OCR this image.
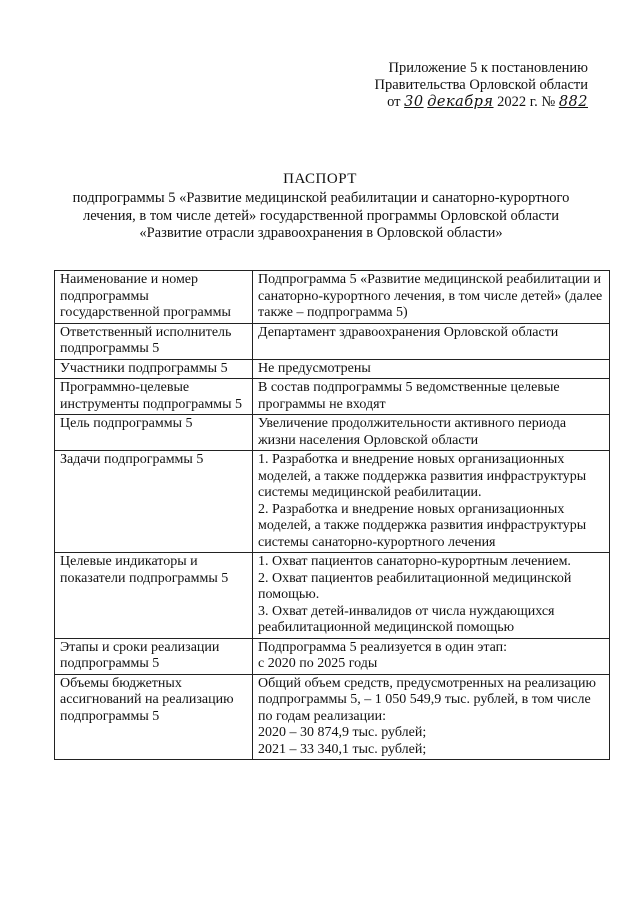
Приложение 5 к постановлению
Правительства Орловской области
от 30 декабря 2022 г. № 882
ПАСПОРТ
подпрограммы 5 «Развитие медицинской реабилитации и санаторно-курортного лечения, в том числе детей» государственной программы Орловской области «Развитие отрасли здравоохранения в Орловской области»
Наименование и номер подпрограммы государственной программы	Подпрограмма 5 «Развитие медицинской реабилитации и санаторно-курортного лечения, в том числе детей» (далее также – подпрограмма 5)

Ответственный исполнитель подпрограммы 5	Департамент здравоохранения Орловской области

Участники подпрограммы 5	Не предусмотрены

Программно-целевые инструменты подпрограммы 5	В состав подпрограммы 5 ведомственные целевые программы не входят

Цель подпрограммы 5	Увеличение продолжительности активного периода жизни населения Орловской области

Задачи подпрограммы 5	1. Разработка и внедрение новых организационных моделей, а также поддержка развития инфраструктуры системы медицинской реабилитации.
2. Разработка и внедрение новых организационных моделей, а также поддержка развития инфраструктуры системы санаторно-курортного лечения

Целевые индикаторы и показатели подпрограммы 5	1. Охват пациентов санаторно-курортным лечением.
2. Охват пациентов реабилитационной медицинской помощью.
3. Охват детей-инвалидов от числа нуждающихся реабилитационной медицинской помощью

Этапы и сроки реализации подпрограммы 5	Подпрограмма 5 реализуется в один этап:
с 2020 по 2025 годы

Объемы бюджетных ассигнований на реализацию подпрограммы 5	Общий объем средств, предусмотренных на реализацию подпрограммы 5, – 1 050 549,9 тыс. рублей, в том числе по годам реализации:
2020 – 30 874,9 тыс. рублей;
2021 – 33 340,1 тыс. рублей;
